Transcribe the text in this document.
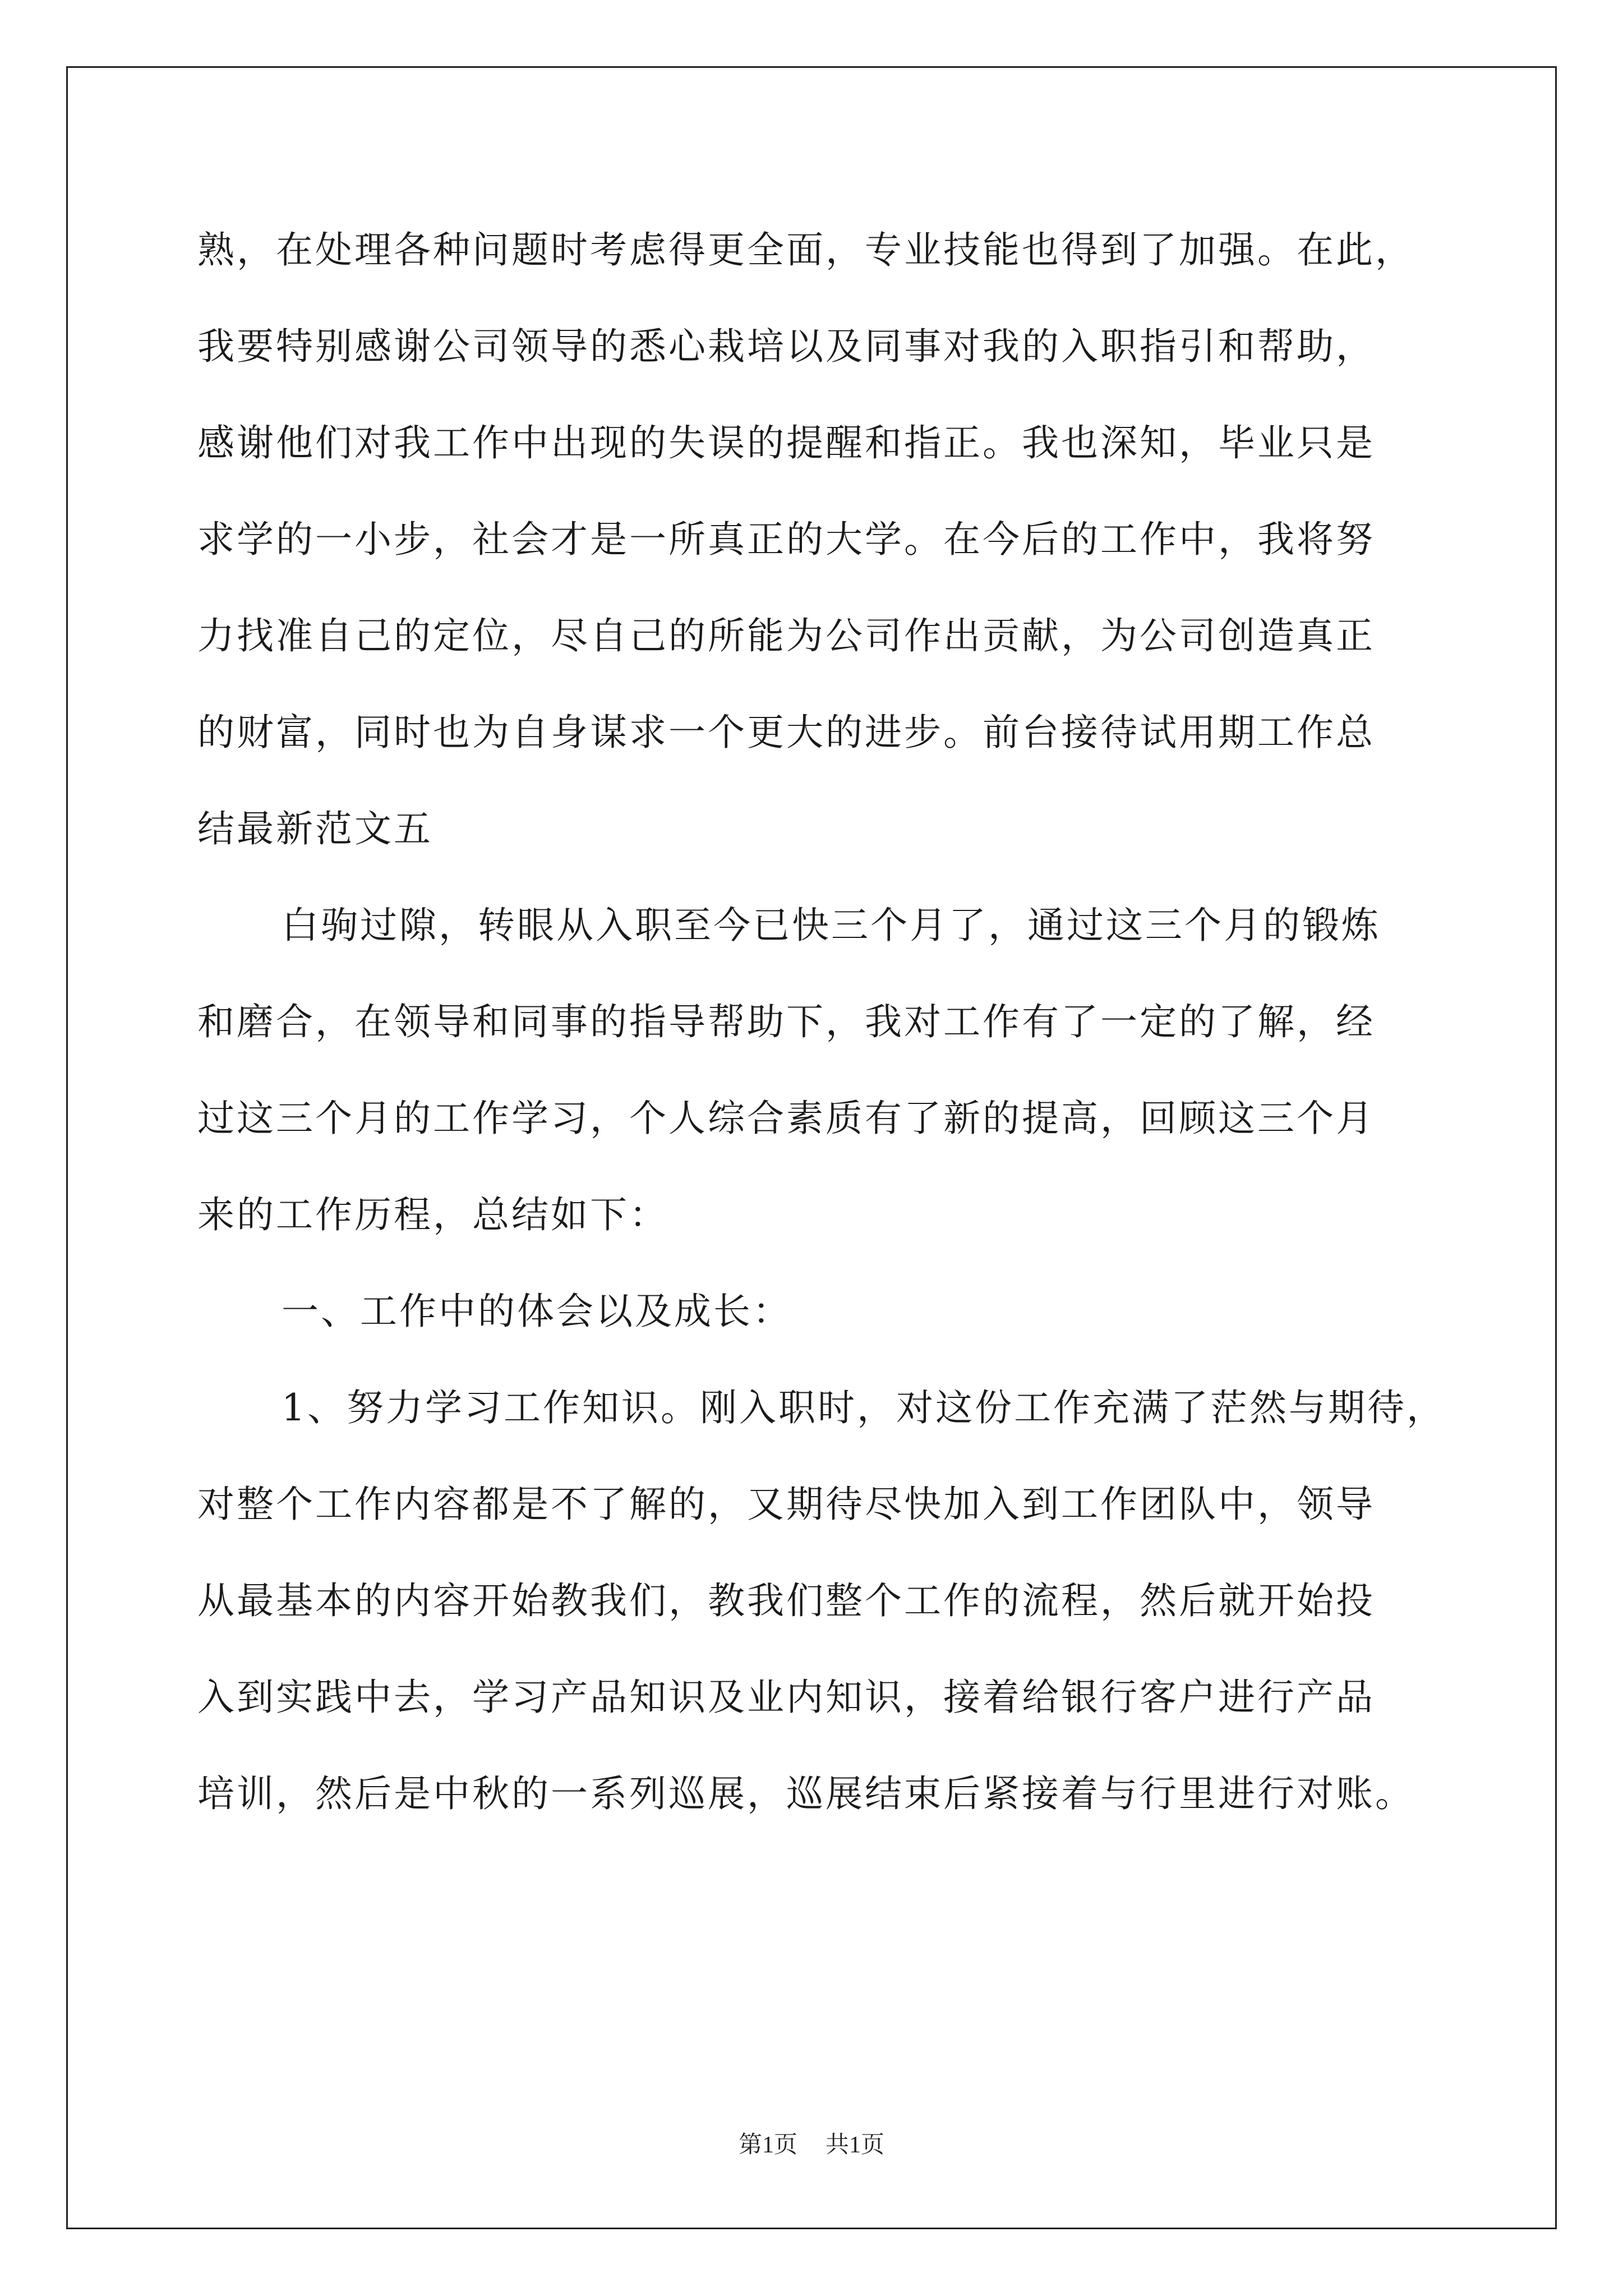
熟，在处理各种问题时考虑得更全面，专业技能也得到了加强。在此，
我要特别感谢公司领导的悉心栽培以及同事对我的入职指引和帮助，
感谢他们对我工作中出现的失误的提醒和指正。我也深知，毕业只是
求学的一小步，社会才是一所真正的大学。在今后的工作中，我将努
力找准自己的定位，尽自己的所能为公司作出贡献，为公司创造真正
的财富，同时也为自身谋求一个更大的进步。前台接待试用期工作总
结最新范文五
白驹过隙，转眼从入职至今已快三个月了，通过这三个月的锻炼
和磨合，在领导和同事的指导帮助下，我对工作有了一定的了解，经
过这三个月的工作学习，个人综合素质有了新的提高，回顾这三个月
来的工作历程，总结如下：
一、工作中的体会以及成长：
1、努力学习工作知识。刚入职时，对这份工作充满了茫然与期待，
对整个工作内容都是不了解的，又期待尽快加入到工作团队中，领导
从最基本的内容开始教我们，教我们整个工作的流程，然后就开始投
入到实践中去，学习产品知识及业内知识，接着给银行客户进行产品
培训，然后是中秋的一系列巡展，巡展结束后紧接着与行里进行对账。
第1页 共1页
